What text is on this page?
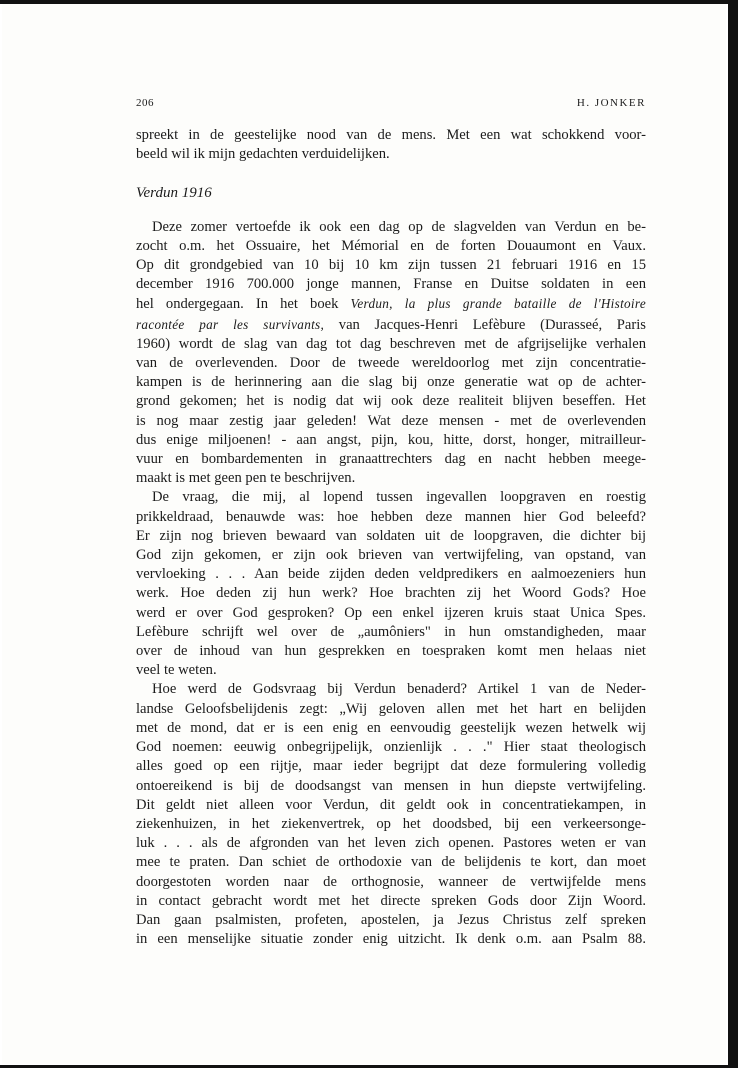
206	H. JONKER

spreekt in de geestelijke nood van de mens. Met een wat schokkend voor-

beeld wil ik mijn gedachten verduidelijken.

Verdun 1916

Deze zomer vertoefde ik ook een dag op de slagvelden van Verdun en be-

zocht o.m. het Ossuaire, het Mémorial en de forten Douaumont en Vaux.

Op dit grondgebied van 10 bij 10 km zijn tussen 21 februari 1916 en 15

december 1916 700.000 jonge mannen, Franse en Duitse soldaten in een

hel ondergegaan. In het boek Verdun, la plus grande bataille de l'Histoire

racontée par les survivants, van Jacques-Henri Lefèbure (Durasseé, Paris

1960) wordt de slag van dag tot dag beschreven met de afgrijselijke verhalen

van de overlevenden. Door de tweede wereldoorlog met zijn concentratie-

kampen is de herinnering aan die slag bij onze generatie wat op de achter-

grond gekomen; het is nodig dat wij ook deze realiteit blijven beseffen. Het

is nog maar zestig jaar geleden! Wat deze mensen - met de overlevenden

dus enige miljoenen! - aan angst, pijn, kou, hitte, dorst, honger, mitrailleur-

vuur en bombardementen in granaattrechters dag en nacht hebben meege-

maakt is met geen pen te beschrijven.

De vraag, die mij, al lopend tussen ingevallen loopgraven en roestig

prikkeldraad, benauwde was: hoe hebben deze mannen hier God beleefd?

Er zijn nog brieven bewaard van soldaten uit de loopgraven, die dichter bij

God zijn gekomen, er zijn ook brieven van vertwijfeling, van opstand, van

vervloeking . . . Aan beide zijden deden veldpredikers en aalmoezeniers hun

werk. Hoe deden zij hun werk? Hoe brachten zij het Woord Gods? Hoe

werd er over God gesproken? Op een enkel ijzeren kruis staat Unica Spes.

Lefèbure schrijft wel over de „aumôniers" in hun omstandigheden, maar

over de inhoud van hun gesprekken en toespraken komt men helaas niet

veel te weten.

Hoe werd de Godsvraag bij Verdun benaderd? Artikel 1 van de Neder-

landse Geloofsbelijdenis zegt: „Wij geloven allen met het hart en belijden

met de mond, dat er is een enig en eenvoudig geestelijk wezen hetwelk wij

God noemen: eeuwig onbegrijpelijk, onzienlijk . . ." Hier staat theologisch

alles goed op een rijtje, maar ieder begrijpt dat deze formulering volledig

ontoereikend is bij de doodsangst van mensen in hun diepste vertwijfeling.

Dit geldt niet alleen voor Verdun, dit geldt ook in concentratiekampen, in

ziekenhuizen, in het ziekenvertrek, op het doodsbed, bij een verkeersonge-

luk . . . als de afgronden van het leven zich openen. Pastores weten er van

mee te praten. Dan schiet de orthodoxie van de belijdenis te kort, dan moet

doorgestoten worden naar de orthognosie, wanneer de vertwijfelde mens

in contact gebracht wordt met het directe spreken Gods door Zijn Woord.

Dan gaan psalmisten, profeten, apostelen, ja Jezus Christus zelf spreken

in een menselijke situatie zonder enig uitzicht. Ik denk o.m. aan Psalm 88.
